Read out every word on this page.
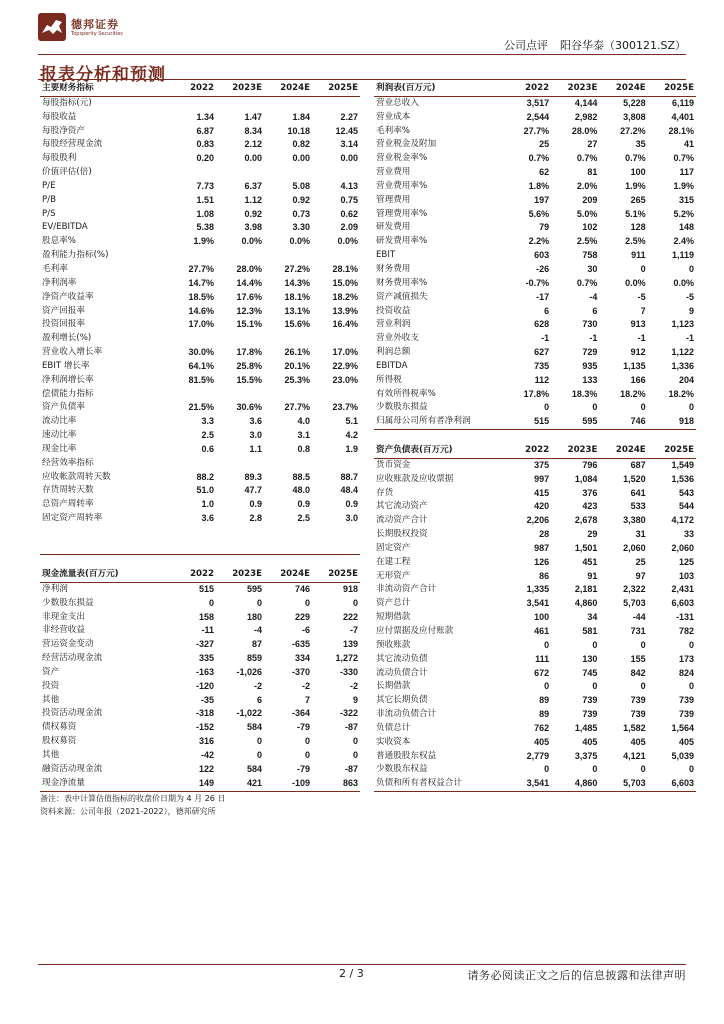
德邦证券
Topsperity Securities
公司点评 阳谷华泰（300121.SZ）
报表分析和预测
主要财务指标	2022	2023E	2024E	2025E
每股指标(元)				
每股收益	1.34	1.47	1.84	2.27
每股净资产	6.87	8.34	10.18	12.45
每股经营现金流	0.83	2.12	0.82	3.14
每股股利	0.20	0.00	0.00	0.00
价值评估(倍)				
P/E	7.73	6.37	5.08	4.13
P/B	1.51	1.12	0.92	0.75
P/S	1.08	0.92	0.73	0.62
EV/EBITDA	5.38	3.98	3.30	2.09
股息率%	1.9%	0.0%	0.0%	0.0%
盈利能力指标(%)				
毛利率	27.7%	28.0%	27.2%	28.1%
净利润率	14.7%	14.4%	14.3%	15.0%
净资产收益率	18.5%	17.6%	18.1%	18.2%
资产回报率	14.6%	12.3%	13.1%	13.9%
投资回报率	17.0%	15.1%	15.6%	16.4%
盈利增长(%)				
营业收入增长率	30.0%	17.8%	26.1%	17.0%
EBIT 增长率	64.1%	25.8%	20.1%	22.9%
净利润增长率	81.5%	15.5%	25.3%	23.0%
偿债能力指标				
资产负债率	21.5%	30.6%	27.7%	23.7%
流动比率	3.3	3.6	4.0	5.1
速动比率	2.5	3.0	3.1	4.2
现金比率	0.6	1.1	0.8	1.9
经营效率指标				
应收帐款周转天数	88.2	89.3	88.5	88.7
存货周转天数	51.0	47.7	48.0	48.4
总资产周转率	1.0	0.9	0.9	0.9
固定资产周转率	3.6	2.8	2.5	3.0

现金流量表(百万元)	2022	2023E	2024E	2025E
净利润	515	595	746	918
少数股东损益	0	0	0	0
非现金支出	158	180	229	222
非经营收益	-11	-4	-6	-7
营运资金变动	-327	87	-635	139
经营活动现金流	335	859	334	1,272
资产	-163	-1,026	-370	-330
投资	-120	-2	-2	-2
其他	-35	6	7	9
投资活动现金流	-318	-1,022	-364	-322
债权募资	-152	584	-79	-87
股权募资	316	0	0	0
其他	-42	0	0	0
融资活动现金流	122	584	-79	-87
现金净流量	149	421	-109	863
利润表(百万元)	2022	2023E	2024E	2025E
营业总收入	3,517	4,144	5,228	6,119
营业成本	2,544	2,982	3,808	4,401
毛利率%	27.7%	28.0%	27.2%	28.1%
营业税金及附加	25	27	35	41
营业税金率%	0.7%	0.7%	0.7%	0.7%
营业费用	62	81	100	117
营业费用率%	1.8%	2.0%	1.9%	1.9%
管理费用	197	209	265	315
管理费用率%	5.6%	5.0%	5.1%	5.2%
研发费用	79	102	128	148
研发费用率%	2.2%	2.5%	2.5%	2.4%
EBIT	603	758	911	1,119
财务费用	-26	30	0	0
财务费用率%	-0.7%	0.7%	0.0%	0.0%
资产减值损失	-17	-4	-5	-5
投资收益	6	6	7	9
营业利润	628	730	913	1,123
营业外收支	-1	-1	-1	-1
利润总额	627	729	912	1,122
EBITDA	735	935	1,135	1,336
所得税	112	133	166	204
有效所得税率%	17.8%	18.3%	18.2%	18.2%
少数股东损益	0	0	0	0
归属母公司所有者净利润	515	595	746	918
资产负债表(百万元)	2022	2023E	2024E	2025E
货币资金	375	796	687	1,549
应收账款及应收票据	997	1,084	1,520	1,536
存货	415	376	641	543
其它流动资产	420	423	533	544
流动资产合计	2,206	2,678	3,380	4,172
长期股权投资	28	29	31	33
固定资产	987	1,501	2,060	2,060
在建工程	126	451	25	125
无形资产	86	91	97	103
非流动资产合计	1,335	2,181	2,322	2,431
资产总计	3,541	4,860	5,703	6,603
短期借款	100	34	-44	-131
应付票据及应付账款	461	581	731	782
预收账款	0	0	0	0
其它流动负债	111	130	155	173
流动负债合计	672	745	842	824
长期借款	0	0	0	0
其它长期负债	89	739	739	739
非流动负债合计	89	739	739	739
负债总计	762	1,485	1,582	1,564
实收资本	405	405	405	405
普通股股东权益	2,779	3,375	4,121	5,039
少数股东权益	0	0	0	0
负债和所有者权益合计	3,541	4,860	5,703	6,603
备注：表中计算估值指标的收盘价日期为 4 月 26 日
资料来源：公司年报（2021-2022），德邦研究所
2 / 3	请务必阅读正文之后的信息披露和法律声明
